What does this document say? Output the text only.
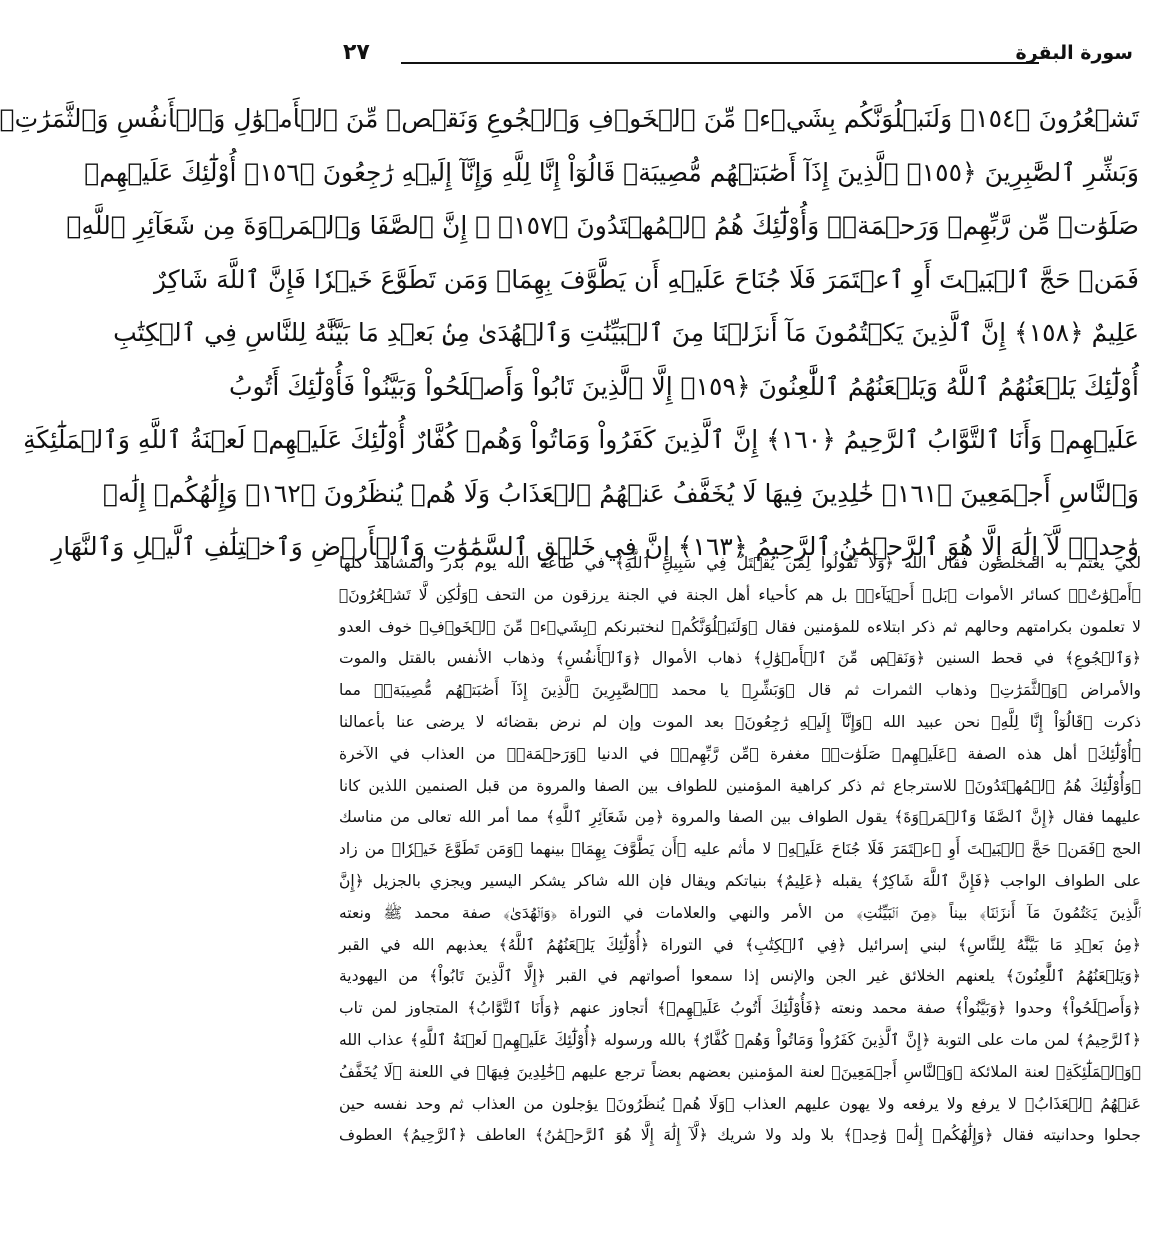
سورة البقرة
٢٧
تَشۡعُرُونَ ﴿١٥٤﴾ وَلَنَبۡلُوَنَّكُم بِشَيۡءٖ مِّنَ ٱلۡخَوۡفِ وَٱلۡجُوعِ وَنَقۡصٖ مِّنَ ٱلۡأَمۡوَٰلِ وَٱلۡأَنفُسِ وَٱلثَّمَرَٰتِۗ
وَبَشِّرِ ٱلصَّٰبِرِينَ ﴿١٥٥﴾ ٱلَّذِينَ إِذَآ أَصَٰبَتۡهُم مُّصِيبَةٞ قَالُوٓاْ إِنَّا لِلَّهِ وَإِنَّآ إِلَيۡهِ رَٰجِعُونَ ﴿١٥٦﴾ أُوْلَٰٓئِكَ عَلَيۡهِمۡ
صَلَوَٰتٞ مِّن رَّبِّهِمۡ وَرَحۡمَةٞۖ وَأُوْلَٰٓئِكَ هُمُ ٱلۡمُهۡتَدُونَ ﴿١٥٧﴾ ۞ إِنَّ ٱلصَّفَا وَٱلۡمَرۡوَةَ مِن شَعَآئِرِ ٱللَّهِۖ
فَمَنۡ حَجَّ ٱلۡبَيۡتَ أَوِ ٱعۡتَمَرَ فَلَا جُنَاحَ عَلَيۡهِ أَن يَطَّوَّفَ بِهِمَاۚ وَمَن تَطَوَّعَ خَيۡرٗا فَإِنَّ ٱللَّهَ شَاكِرٌ
عَلِيمٌ ﴿١٥٨﴾ إِنَّ ٱلَّذِينَ يَكۡتُمُونَ مَآ أَنزَلۡنَا مِنَ ٱلۡبَيِّنَٰتِ وَٱلۡهُدَىٰ مِنۢ بَعۡدِ مَا بَيَّنَّٰهُ لِلنَّاسِ فِي ٱلۡكِتَٰبِ
أُوْلَٰٓئِكَ يَلۡعَنُهُمُ ٱللَّهُ وَيَلۡعَنُهُمُ ٱللَّٰعِنُونَ ﴿١٥٩﴾ إِلَّا ٱلَّذِينَ تَابُواْ وَأَصۡلَحُواْ وَبَيَّنُواْ فَأُوْلَٰٓئِكَ أَتُوبُ
عَلَيۡهِمۡ وَأَنَا ٱلتَّوَّابُ ٱلرَّحِيمُ ﴿١٦٠﴾ إِنَّ ٱلَّذِينَ كَفَرُواْ وَمَاتُواْ وَهُمۡ كُفَّارٌ أُوْلَٰٓئِكَ عَلَيۡهِمۡ لَعۡنَةُ ٱللَّهِ وَٱلۡمَلَٰٓئِكَةِ
وَٱلنَّاسِ أَجۡمَعِينَ ﴿١٦١﴾ خَٰلِدِينَ فِيهَا لَا يُخَفَّفُ عَنۡهُمُ ٱلۡعَذَابُ وَلَا هُمۡ يُنظَرُونَ ﴿١٦٢﴾ وَإِلَٰهُكُمۡ إِلَٰهٞ
وَٰحِدٞۖ لَّآ إِلَٰهَ إِلَّا هُوَ ٱلرَّحۡمَٰنُ ٱلرَّحِيمُ ﴿١٦٣﴾ إِنَّ فِي خَلۡقِ ٱلسَّمَٰوَٰتِ وَٱلۡأَرۡضِ وَٱخۡتِلَٰفِ ٱلَّيۡلِ وَٱلنَّهَارِ
لكي يغتم به المخلصون فقال الله ﴿وَلَا تَقُولُوا لِمَن يُقۡتَلُ فِي سَبِيلِ ٱللَّهِ﴾ في طاعة الله يوم بدر والمشاهد كلها
﴿أَمۡوَٰتٌۢ﴾ كسائر الأموات ﴿بَلۡ أَحۡيَآءٞ﴾ بل هم كأحياء أهل الجنة في الجنة يرزقون من التحف ﴿وَلَٰكِن لَّا تَشۡعُرُونَ﴾
لا تعلمون بكرامتهم وحالهم ثم ذكر ابتلاءه للمؤمنين فقال ﴿وَلَنَبۡلُوَنَّكُم﴾ لنختبرنكم ﴿بِشَيۡءٖ مِّنَ ٱلۡخَوۡفِ﴾ خوف العدو
﴿وَٱلۡجُوعِ﴾ في قحط السنين ﴿وَنَقۡصٖ مِّنَ ٱلۡأَمۡوَٰلِ﴾ ذهاب الأموال ﴿وَٱلۡأَنفُسِ﴾ وذهاب الأنفس بالقتل والموت
والأمراض ﴿وَٱلثَّمَرَٰتِ﴾ وذهاب الثمرات ثم قال ﴿وَبَشِّرِ﴾ يا محمد ﴿ٱلصَّٰبِرِينَ ٱلَّذِينَ إِذَآ أَصَٰبَتۡهُم مُّصِيبَةٞ﴾ مما
ذكرت ﴿قَالُوٓاْ إِنَّا لِلَّهِ﴾ نحن عبيد الله ﴿وَإِنَّآ إِلَيۡهِ رَٰجِعُونَ﴾ بعد الموت وإن لم نرض بقضائه لا يرضى عنا بأعمالنا
﴿أُوْلَٰٓئِكَ﴾ أهل هذه الصفة ﴿عَلَيۡهِمۡ صَلَوَٰتٞ﴾ مغفرة ﴿مِّن رَّبِّهِمۡ﴾ في الدنيا ﴿وَرَحۡمَةٞ﴾ من العذاب في الآخرة
﴿وَأُوْلَٰٓئِكَ هُمُ ٱلۡمُهۡتَدُونَ﴾ للاسترجاع ثم ذكر كراهية المؤمنين للطواف بين الصفا والمروة من قبل الصنمين اللذين كانا
عليهما فقال ﴿إِنَّ ٱلصَّفَا وَٱلۡمَرۡوَةَ﴾ يقول الطواف بين الصفا والمروة ﴿مِن شَعَآئِرِ ٱللَّهِ﴾ مما أمر الله تعالى من مناسك
الحج ﴿فَمَنۡ حَجَّ ٱلۡبَيۡتَ أَوِ ٱعۡتَمَرَ فَلَا جُنَاحَ عَلَيۡهِ﴾ لا مأثم عليه ﴿أَن يَطَّوَّفَ بِهِمَا﴾ بينهما ﴿وَمَن تَطَوَّعَ خَيۡرٗا﴾ من زاد
على الطواف الواجب ﴿فَإِنَّ ٱللَّهَ شَاكِرٌ﴾ يقبله ﴿عَلِيمٌ﴾ بنياتكم ويقال فإن الله شاكر يشكر اليسير ويجزي بالجزيل ﴿إِنَّ
ٱلَّذِينَ يَكۡتُمُونَ مَآ أَنزَلۡنَا﴾ بيناً ﴿مِنَ ٱلۡبَيِّنَٰتِ﴾ من الأمر والنهي والعلامات في التوراة ﴿وَٱلۡهُدَىٰ﴾ صفة محمد ﷺ ونعته
﴿مِنۢ بَعۡدِ مَا بَيَّنَّٰهُ لِلنَّاسِ﴾ لبني إسرائيل ﴿فِي ٱلۡكِتَٰبِ﴾ في التوراة ﴿أُوْلَٰٓئِكَ يَلۡعَنُهُمُ ٱللَّهُ﴾ يعذبهم الله في القبر
﴿وَيَلۡعَنُهُمُ ٱللَّٰعِنُونَ﴾ يلعنهم الخلائق غير الجن والإنس إذا سمعوا أصواتهم في القبر ﴿إِلَّا ٱلَّذِينَ تَابُواْ﴾ من اليهودية
﴿وَأَصۡلَحُواْ﴾ وحدوا ﴿وَبَيَّنُواْ﴾ صفة محمد ونعته ﴿فَأُوْلَٰٓئِكَ أَتُوبُ عَلَيۡهِمۡ﴾ أتجاوز عنهم ﴿وَأَنَا ٱلتَّوَّابُ﴾ المتجاوز لمن تاب
﴿ٱلرَّحِيمُ﴾ لمن مات على التوبة ﴿إِنَّ ٱلَّذِينَ كَفَرُواْ وَمَاتُواْ وَهُمۡ كُفَّارٌ﴾ بالله ورسوله ﴿أُوْلَٰٓئِكَ عَلَيۡهِمۡ لَعۡنَةُ ٱللَّهِ﴾ عذاب الله
﴿وَٱلۡمَلَٰٓئِكَةِ﴾ لعنة الملائكة ﴿وَٱلنَّاسِ أَجۡمَعِينَ﴾ لعنة المؤمنين بعضهم بعضاً ترجع عليهم ﴿خَٰلِدِينَ فِيهَا﴾ في اللعنة ﴿لَا يُخَفَّفُ
عَنۡهُمُ ٱلۡعَذَابُ﴾ لا يرفع ولا يرفعه ولا يهون عليهم العذاب ﴿وَلَا هُمۡ يُنظَرُونَ﴾ يؤجلون من العذاب ثم وحد نفسه حين
جحلوا وحدانيته فقال ﴿وَإِلَٰهُكُمۡ إِلَٰهٞ وَٰحِدٞ﴾ بلا ولد ولا شريك ﴿لَّآ إِلَٰهَ إِلَّا هُوَ ٱلرَّحۡمَٰنُ﴾ العاطف ﴿ٱلرَّحِيمُ﴾ العطوف
